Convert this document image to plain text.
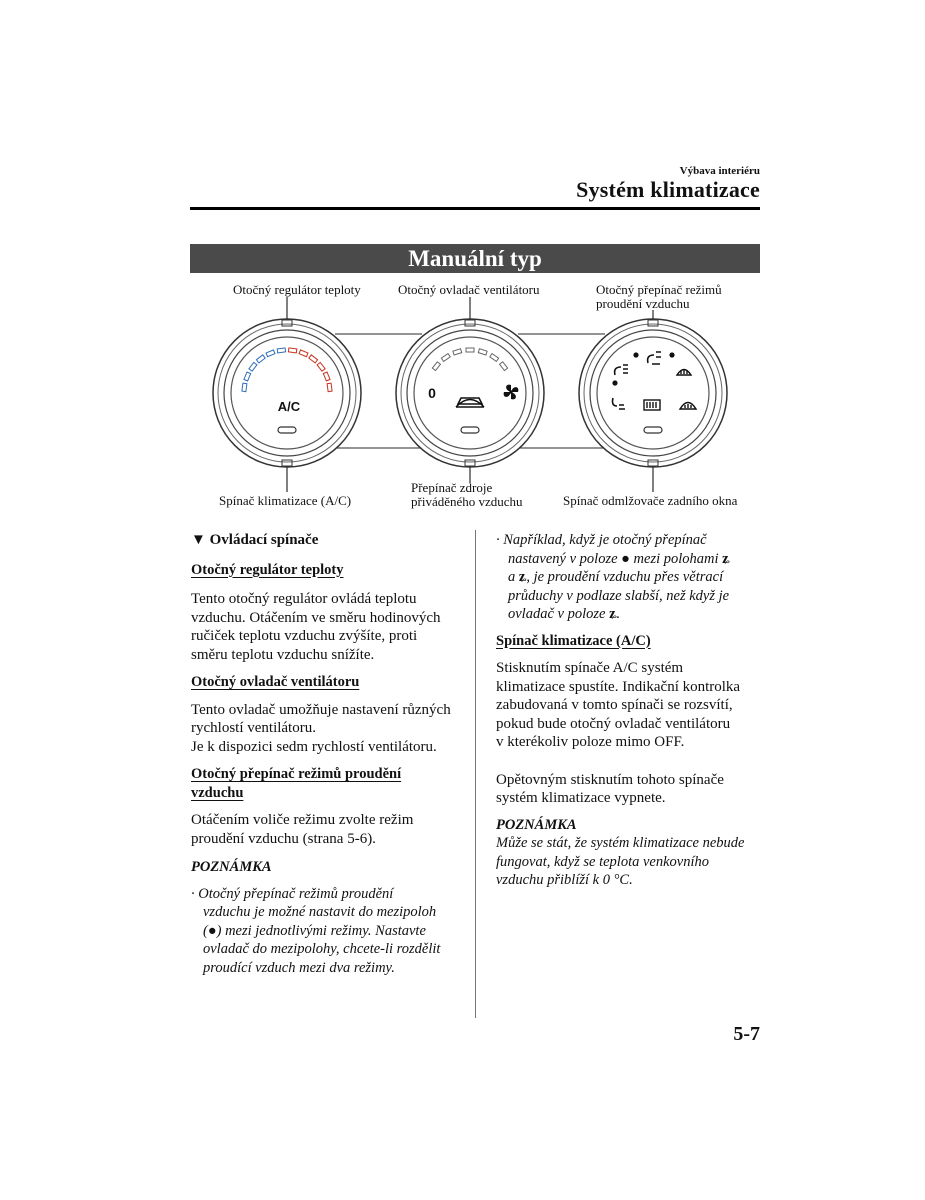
Výbava interiéru
Systém klimatizace
Manuální typ
Otočný regulátor teploty	Otočný ovladač ventilátoru	Otočný přepínač režimů
proudění vzduchu
A/C
0
Spínač klimatizace (A/C)
Přepínač zdroje
přiváděného vzduchu	Spínač odmlžovače zadního okna

▼ Ovládací spínače

Otočný regulátor teploty

Tento otočný regulátor ovládá teplotu

vzduchu. Otáčením ve směru hodinových

ručiček teplotu vzduchu zvýšíte, proti

směru teplotu vzduchu snížíte.

Otočný ovladač ventilátoru

Tento ovladač umožňuje nastavení různých

rychlostí ventilátoru.

Je k dispozici sedm rychlostí ventilátoru.

Otočný přepínač režimů proudění

vzduchu

Otáčením voliče režimu zvolte režim

proudění vzduchu (strana 5-6).

POZNÁMKA

· Otočný přepínač režimů proudění

vzduchu je možné nastavit do mezipoloh

(●) mezi jednotlivými režimy. Nastavte

ovladač do mezipolohy, chcete-li rozdělit

proudící vzduch mezi dva režimy.

· Například, když je otočný přepínač

nastavený v poloze ● mezi polohami ʑ

a ʑ, je proudění vzduchu přes větrací

průduchy v podlaze slabší, než když je

ovladač v poloze ʑ.

Spínač klimatizace (A/C)

Stisknutím spínače A/C systém

klimatizace spustíte. Indikační kontrolka

zabudovaná v tomto spínači se rozsvítí,

pokud bude otočný ovladač ventilátoru

v kterékoliv poloze mimo OFF.

Opětovným stisknutím tohoto spínače

systém klimatizace vypnete.

POZNÁMKA

Může se stát, že systém klimatizace nebude

fungovat, když se teplota venkovního

vzduchu přiblíží k 0 °C.

5-7
